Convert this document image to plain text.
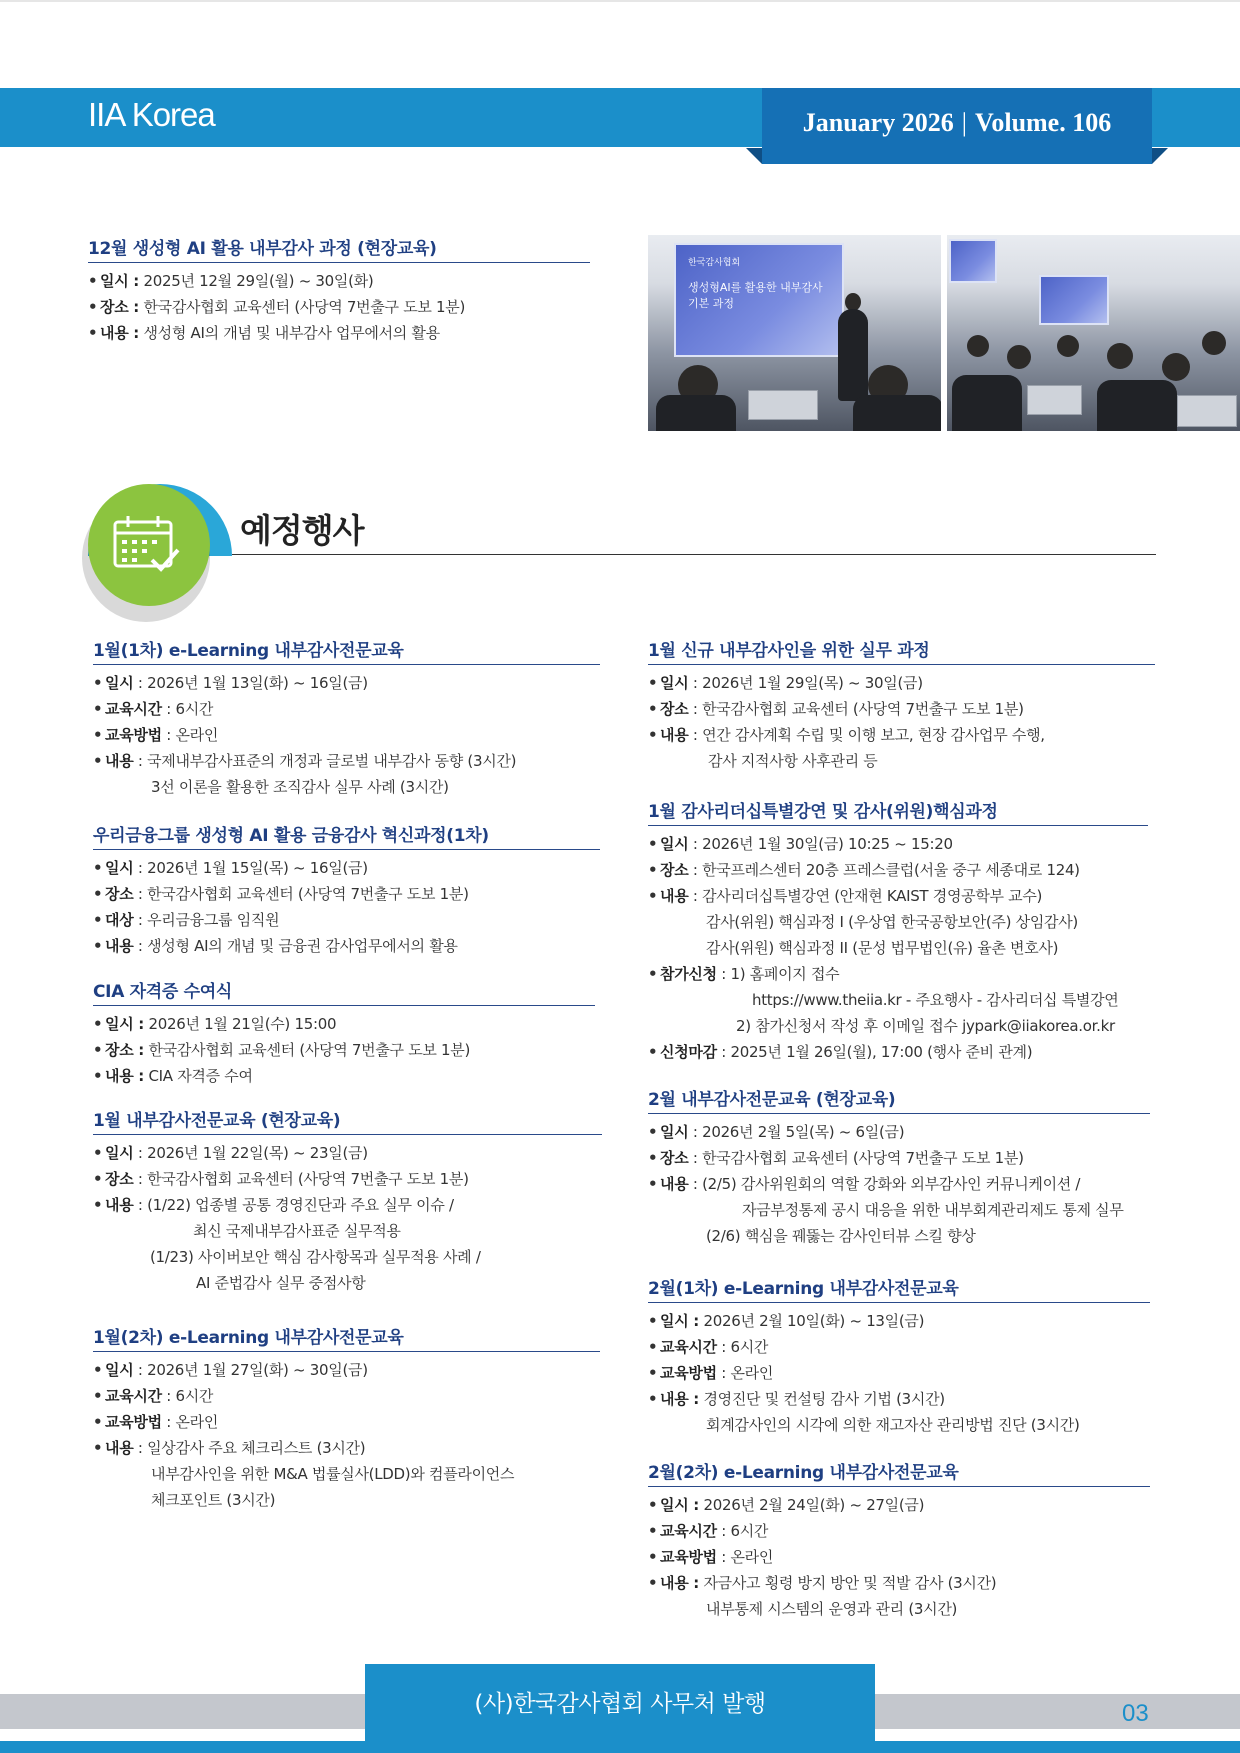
IIA Korea	January 2026 | Volume. 106
12월 생성형 AI 활용 내부감사 과정 (현장교육)
• 일시 : 2025년 12월 29일(월) ~ 30일(화)
• 장소 : 한국감사협회 교육센터 (사당역 7번출구 도보 1분)
• 내용 : 생성형 AI의 개념 및 내부감사 업무에서의 활용
한국감사협회
생성형AI를 활용한 내부감사
기본 과정
예정행사
1월(1차) e-Learning 내부감사전문교육
• 일시 : 2026년 1월 13일(화) ~ 16일(금)
• 교육시간 : 6시간
• 교육방법 : 온라인
• 내용 : 국제내부감사표준의 개정과 글로벌 내부감사 동향 (3시간)
3선 이론을 활용한 조직감사 실무 사례 (3시간)
우리금융그룹 생성형 AI 활용 금융감사 혁신과정(1차)
• 일시 : 2026년 1월 15일(목) ~ 16일(금)
• 장소 : 한국감사협회 교육센터 (사당역 7번출구 도보 1분)
• 대상 : 우리금융그룹 임직원
• 내용 : 생성형 AI의 개념 및 금융권 감사업무에서의 활용
CIA 자격증 수여식
• 일시 : 2026년 1월 21일(수) 15:00
• 장소 : 한국감사협회 교육센터 (사당역 7번출구 도보 1분)
• 내용 : CIA 자격증 수여
1월 내부감사전문교육 (현장교육)
• 일시 : 2026년 1월 22일(목) ~ 23일(금)
• 장소 : 한국감사협회 교육센터 (사당역 7번출구 도보 1분)
• 내용 : (1/22) 업종별 공통 경영진단과 주요 실무 이슈 /
최신 국제내부감사표준 실무적용
(1/23) 사이버보안 핵심 감사항목과 실무적용 사례 /
AI 준법감사 실무 중점사항
1월(2차) e-Learning 내부감사전문교육
• 일시 : 2026년 1월 27일(화) ~ 30일(금)
• 교육시간 : 6시간
• 교육방법 : 온라인
• 내용 : 일상감사 주요 체크리스트 (3시간)
내부감사인을 위한 M&A 법률실사(LDD)와 컴플라이언스
체크포인트 (3시간)
1월 신규 내부감사인을 위한 실무 과정
• 일시 : 2026년 1월 29일(목) ~ 30일(금)
• 장소 : 한국감사협회 교육센터 (사당역 7번출구 도보 1분)
• 내용 : 연간 감사계획 수립 및 이행 보고, 현장 감사업무 수행,
감사 지적사항 사후관리 등
1월 감사리더십특별강연 및 감사(위원)핵심과정
• 일시 : 2026년 1월 30일(금) 10:25 ~ 15:20
• 장소 : 한국프레스센터 20층 프레스클럽(서울 중구 세종대로 124)
• 내용 : 감사리더십특별강연 (안재현 KAIST 경영공학부 교수)
감사(위원) 핵심과정 I (우상엽 한국공항보안(주) 상임감사)
감사(위원) 핵심과정 II (문성 법무법인(유) 율촌 변호사)
• 참가신청 : 1) 홈페이지 접수
https://www.theiia.kr - 주요행사 - 감사리더십 특별강연
2) 참가신청서 작성 후 이메일 접수 jypark@iiakorea.or.kr
• 신청마감 : 2025년 1월 26일(월), 17:00 (행사 준비 관계)
2월 내부감사전문교육 (현장교육)
• 일시 : 2026년 2월 5일(목) ~ 6일(금)
• 장소 : 한국감사협회 교육센터 (사당역 7번출구 도보 1분)
• 내용 : (2/5) 감사위원회의 역할 강화와 외부감사인 커뮤니케이션 /
자금부정통제 공시 대응을 위한 내부회계관리제도 통제 실무
(2/6) 핵심을 꿰뚫는 감사인터뷰 스킬 향상
2월(1차) e-Learning 내부감사전문교육
• 일시 : 2026년 2월 10일(화) ~ 13일(금)
• 교육시간 : 6시간
• 교육방법 : 온라인
• 내용 : 경영진단 및 컨설팅 감사 기법 (3시간)
회계감사인의 시각에 의한 재고자산 관리방법 진단 (3시간)
2월(2차) e-Learning 내부감사전문교육
• 일시 : 2026년 2월 24일(화) ~ 27일(금)
• 교육시간 : 6시간
• 교육방법 : 온라인
• 내용 : 자금사고 횡령 방지 방안 및 적발 감사 (3시간)
내부통제 시스템의 운영과 관리 (3시간)
(사)한국감사협회 사무처 발행	03
